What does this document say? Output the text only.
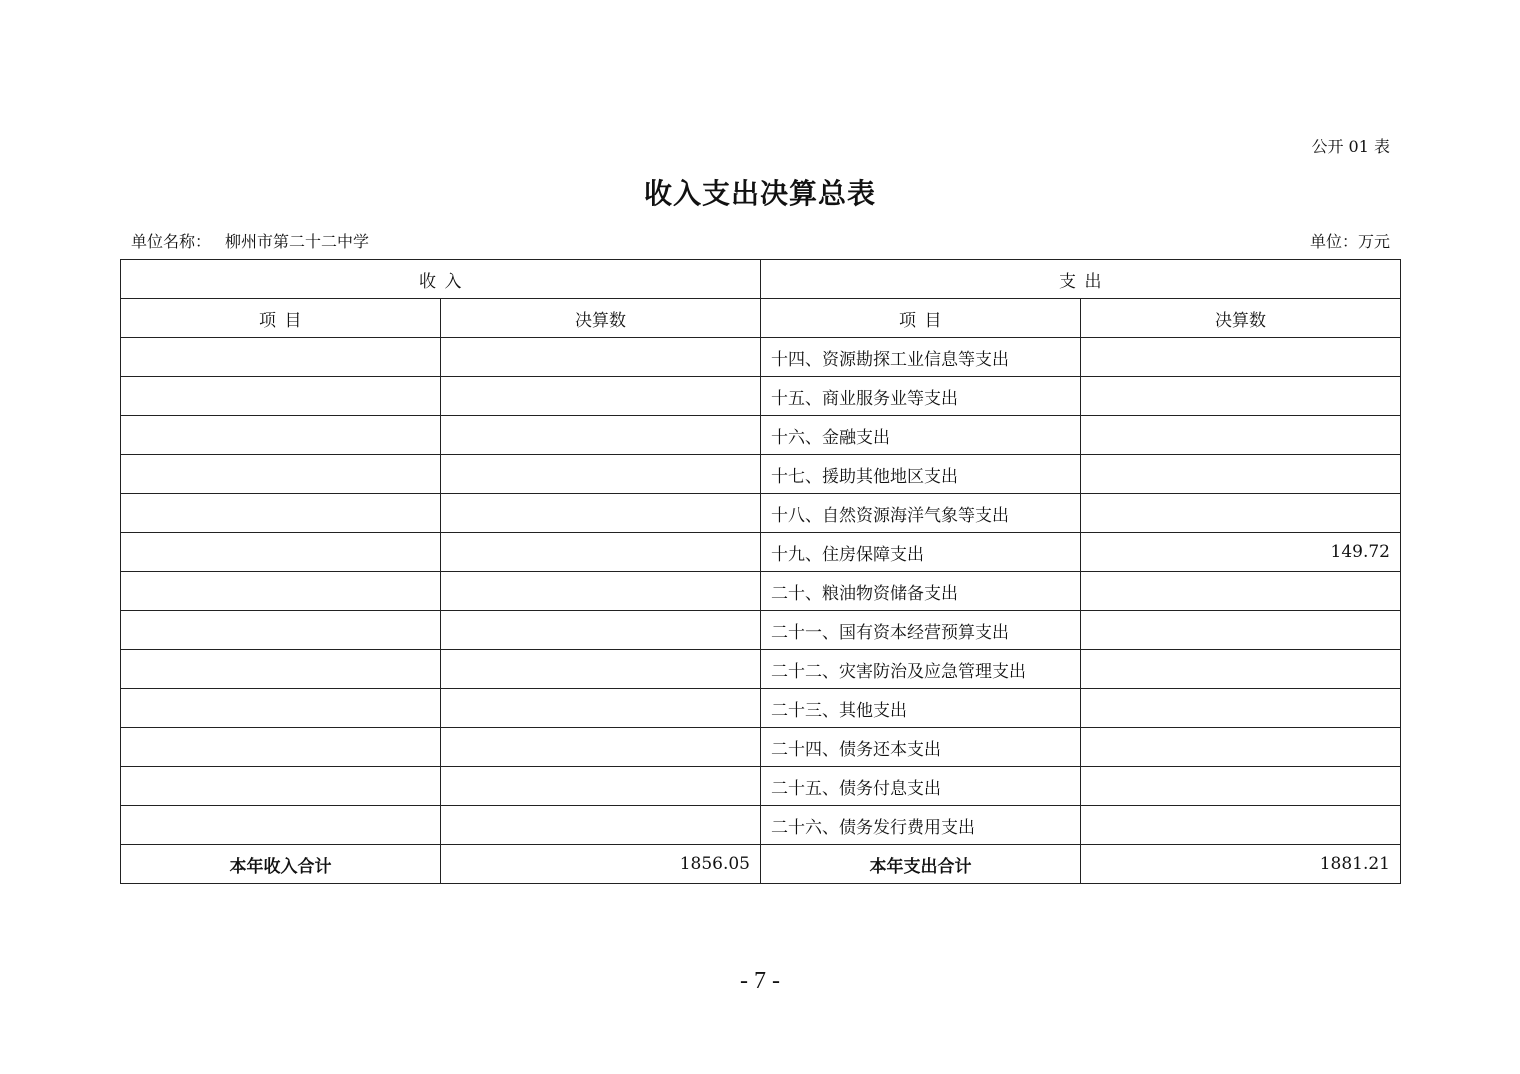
公开 01 表
收入支出决算总表
单位名称： 柳州市第二十二中学	单位：万元
收 入		支 出	
项 目	决算数	项 目	决算数
		十四、资源勘探工业信息等支出	
		十五、商业服务业等支出	
		十六、金融支出	
		十七、援助其他地区支出	
		十八、自然资源海洋气象等支出	
		十九、住房保障支出	149.72
		二十、粮油物资储备支出	
		二十一、国有资本经营预算支出	
		二十二、灾害防治及应急管理支出	
		二十三、其他支出	
		二十四、债务还本支出	
		二十五、债务付息支出	
		二十六、债务发行费用支出	
本年收入合计	1856.05	本年支出合计	1881.21
- 7 -
